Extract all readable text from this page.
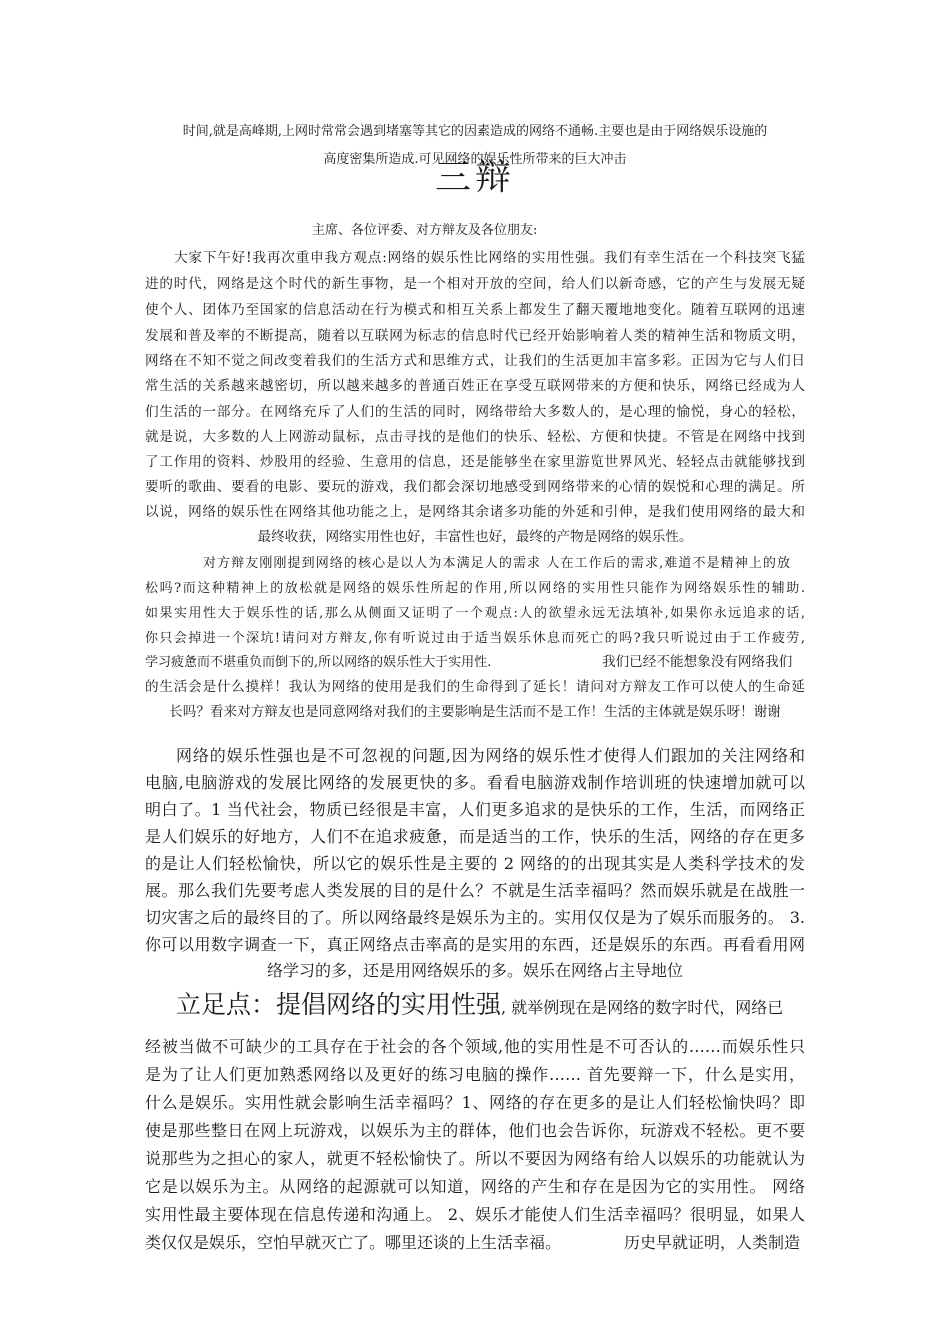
时间,就是高峰期,上网时常常会遇到堵塞等其它的因素造成的网络不通畅.主要也是由于网络娱乐设施的

高度密集所造成.可见网络的娱乐性所带来的巨大冲击

三辩

主席、各位评委、对方辩友及各位朋友:

大家下午好!我再次重申我方观点:网络的娱乐性比网络的实用性强。我们有幸生活在一个科技突飞猛

进的时代，网络是这个时代的新生事物，是一个相对开放的空间，给人们以新奇感，它的产生与发展无疑

使个人、团体乃至国家的信息活动在行为模式和相互关系上都发生了翻天覆地地变化。随着互联网的迅速

发展和普及率的不断提高，随着以互联网为标志的信息时代已经开始影响着人类的精神生活和物质文明，

网络在不知不觉之间改变着我们的生活方式和思维方式，让我们的生活更加丰富多彩。正因为它与人们日

常生活的关系越来越密切，所以越来越多的普通百姓正在享受互联网带来的方便和快乐，网络已经成为人

们生活的一部分。在网络充斥了人们的生活的同时，网络带给大多数人的，是心理的愉悦，身心的轻松，

就是说，大多数的人上网游动鼠标，点击寻找的是他们的快乐、轻松、方便和快捷。不管是在网络中找到

了工作用的资料、炒股用的经验、生意用的信息，还是能够坐在家里游览世界风光、轻轻点击就能够找到

要听的歌曲、要看的电影、要玩的游戏，我们都会深切地感受到网络带来的心情的娱悦和心理的满足。所

以说，网络的娱乐性在网络其他功能之上，是网络其余诸多功能的外延和引伸，是我们使用网络的最大和

最终收获，网络实用性也好，丰富性也好，最终的产物是网络的娱乐性。

对方辩友刚刚提到网络的核心是以人为本满足人的需求 人在工作后的需求,难道不是精神上的放

松吗?而这种精神上的放松就是网络的娱乐性所起的作用,所以网络的实用性只能作为网络娱乐性的辅助.

如果实用性大于娱乐性的话,那么从侧面又证明了一个观点:人的欲望永远无法填补,如果你永远追求的话,

你只会掉进一个深坑!请问对方辩友,你有听说过由于适当娱乐休息而死亡的吗?我只听说过由于工作疲劳,

学习疲惫而不堪重负而倒下的,所以网络的娱乐性大于实用性.	我们已经不能想象没有网络我们

的生活会是什么摸样！我认为网络的使用是我们的生命得到了延长！请问对方辩友工作可以使人的生命延

长吗？看来对方辩友也是同意网络对我们的主要影响是生活而不是工作！生活的主体就是娱乐呀！谢谢

网络的娱乐性强也是不可忽视的问题,因为网络的娱乐性才使得人们跟加的关注网络和

电脑,电脑游戏的发展比网络的发展更快的多。看看电脑游戏制作培训班的快速增加就可以

明白了。1 当代社会，物质已经很是丰富，人们更多追求的是快乐的工作，生活，而网络正

是人们娱乐的好地方，人们不在追求疲惫，而是适当的工作，快乐的生活，网络的存在更多

的是让人们轻松愉快，所以它的娱乐性是主要的 2 网络的的出现其实是人类科学技术的发

展。那么我们先要考虑人类发展的目的是什么？不就是生活幸福吗？然而娱乐就是在战胜一

切灾害之后的最终目的了。所以网络最终是娱乐为主的。实用仅仅是为了娱乐而服务的。 3.

你可以用数字调查一下，真正网络点击率高的是实用的东西，还是娱乐的东西。再看看用网

络学习的多，还是用网络娱乐的多。娱乐在网络占主导地位

立足点：提倡网络的实用性强, 就举例现在是网络的数字时代，网络已

经被当做不可缺少的工具存在于社会的各个领域,他的实用性是不可否认的……而娱乐性只

是为了让人们更加熟悉网络以及更好的练习电脑的操作…… 首先要辩一下，什么是实用，

什么是娱乐。实用性就会影响生活幸福吗？1、网络的存在更多的是让人们轻松愉快吗？即

使是那些整日在网上玩游戏，以娱乐为主的群体，他们也会告诉你，玩游戏不轻松。更不要

说那些为之担心的家人，就更不轻松愉快了。所以不要因为网络有给人以娱乐的功能就认为

它是以娱乐为主。从网络的起源就可以知道，网络的产生和存在是因为它的实用性。 网络

实用性最主要体现在信息传递和沟通上。 2、娱乐才能使人们生活幸福吗？很明显，如果人

类仅仅是娱乐，空怕早就灭亡了。哪里还谈的上生活幸福。	历史早就证明，人类制造
